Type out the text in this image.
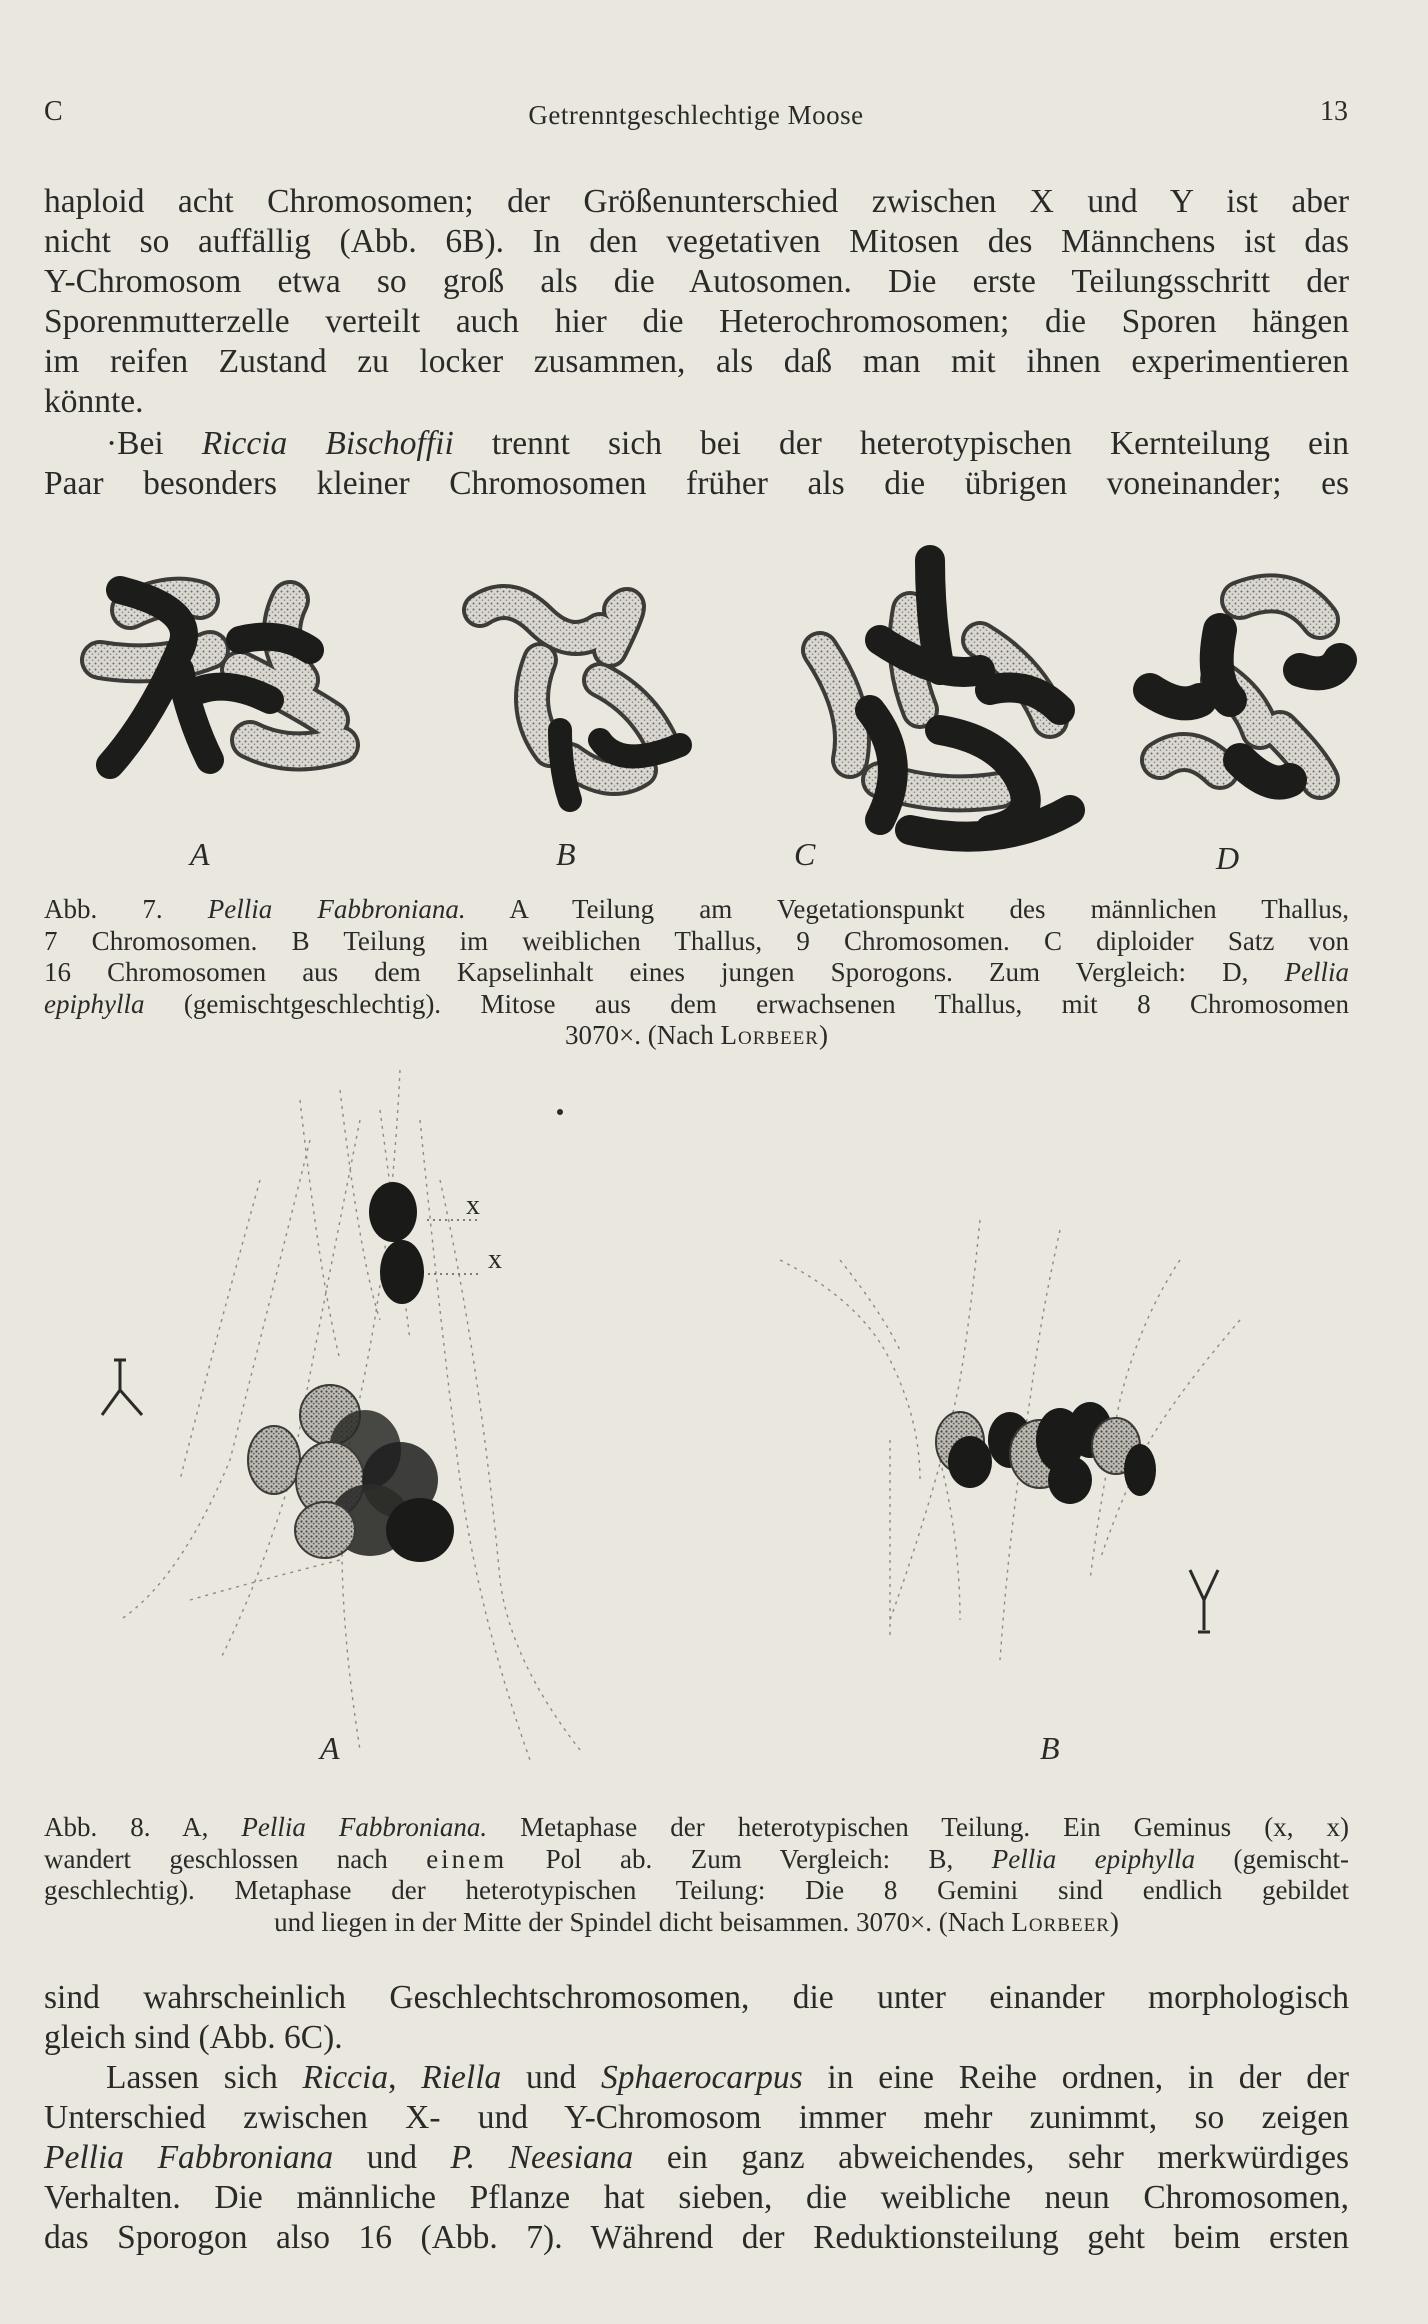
C	Getrenntgeschlechtige Moose	13

haploid acht Chromosomen; der Größenunterschied zwischen X und Y ist aber
nicht so auffällig (Abb. 6B). In den vegetativen Mitosen des Männchens ist das
Y-Chromosom etwa so groß als die Autosomen. Die erste Teilungsschritt der
Sporenmutterzelle verteilt auch hier die Heterochromosomen; die Sporen hängen
im reifen Zustand zu locker zusammen, als daß man mit ihnen experimentieren
könnte.

·Bei Riccia Bischoffii trennt sich bei der heterotypischen Kernteilung ein
Paar besonders kleiner Chromosomen früher als die übrigen voneinander; es

A	B	C	D
Abb. 7. Pellia Fabbroniana. A Teilung am Vegetationspunkt des männlichen Thallus,
7 Chromosomen. B Teilung im weiblichen Thallus, 9 Chromosomen. C diploider Satz von
16 Chromosomen aus dem Kapselinhalt eines jungen Sporogons. Zum Vergleich: D, Pellia
epiphylla (gemischtgeschlechtig). Mitose aus dem erwachsenen Thallus, mit 8 Chromosomen
3070×. (Nach Lorbeer)
x
x
A	B
Abb. 8. A, Pellia Fabbroniana. Metaphase der heterotypischen Teilung. Ein Geminus (x, x)
wandert geschlossen nach einem Pol ab. Zum Vergleich: B, Pellia epiphylla (gemischt-
geschlechtig). Metaphase der heterotypischen Teilung: Die 8 Gemini sind endlich gebildet
und liegen in der Mitte der Spindel dicht beisammen. 3070×. (Nach Lorbeer)

sind wahrscheinlich Geschlechtschromosomen, die unter einander morphologisch
gleich sind (Abb. 6C).

Lassen sich Riccia, Riella und Sphaerocarpus in eine Reihe ordnen, in der der
Unterschied zwischen X- und Y-Chromosom immer mehr zunimmt, so zeigen
Pellia Fabbroniana und P. Neesiana ein ganz abweichendes, sehr merkwürdiges
Verhalten. Die männliche Pflanze hat sieben, die weibliche neun Chromosomen,
das Sporogon also 16 (Abb. 7). Während der Reduktionsteilung geht beim ersten
